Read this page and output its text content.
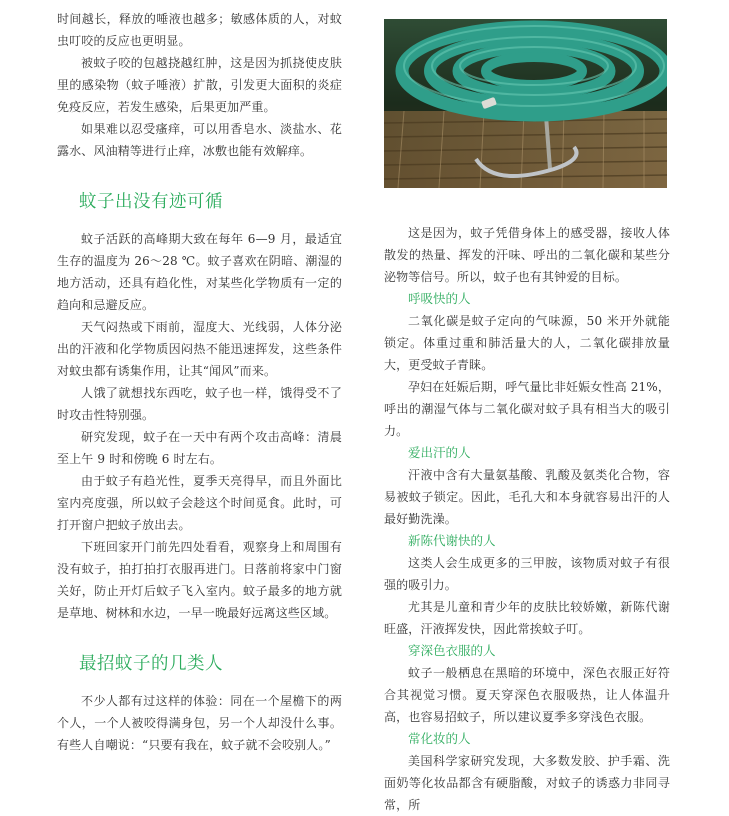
时间越长，释放的唾液也越多；敏感体质的人，对蚊虫叮咬的反应也更明显。

被蚊子咬的包越挠越红肿，这是因为抓挠使皮肤里的感染物（蚊子唾液）扩散，引发更大面积的炎症免疫反应，若发生感染，后果更加严重。

如果难以忍受瘙痒，可以用香皂水、淡盐水、花露水、风油精等进行止痒，冰敷也能有效解痒。

蚊子出没有迹可循

蚊子活跃的高峰期大致在每年 6—9 月，最适宜生存的温度为 26～28 ℃。蚊子喜欢在阴暗、潮湿的地方活动，还具有趋化性，对某些化学物质有一定的趋向和忌避反应。

天气闷热或下雨前，湿度大、光线弱，人体分泌出的汗液和化学物质因闷热不能迅速挥发，这些条件对蚊虫都有诱集作用，让其“闻风”而来。

人饿了就想找东西吃，蚊子也一样，饿得受不了时攻击性特别强。

研究发现，蚊子在一天中有两个攻击高峰：清晨至上午 9 时和傍晚 6 时左右。

由于蚊子有趋光性，夏季天亮得早，而且外面比室内亮度强，所以蚊子会趁这个时间觅食。此时，可打开窗户把蚊子放出去。

下班回家开门前先四处看看，观察身上和周围有没有蚊子，拍打拍打衣服再进门。日落前将家中门窗关好，防止开灯后蚊子飞入室内。蚊子最多的地方就是草地、树林和水边，一早一晚最好远离这些区域。

最招蚊子的几类人

不少人都有过这样的体验：同在一个屋檐下的两个人，一个人被咬得满身包，另一个人却没什么事。有些人自嘲说：“只要有我在，蚊子就不会咬别人。”

这是因为，蚊子凭借身体上的感受器，接收人体散发的热量、挥发的汗味、呼出的二氧化碳和某些分泌物等信号。所以，蚊子也有其钟爱的目标。

呼吸快的人

二氧化碳是蚊子定向的气味源，50 米开外就能锁定。体重过重和肺活量大的人，二氧化碳排放量大，更受蚊子青睐。

孕妇在妊娠后期，呼气量比非妊娠女性高 21%，呼出的潮湿气体与二氧化碳对蚊子具有相当大的吸引力。

爱出汗的人

汗液中含有大量氨基酸、乳酸及氨类化合物，容易被蚊子锁定。因此，毛孔大和本身就容易出汗的人最好勤洗澡。

新陈代谢快的人

这类人会生成更多的三甲胺，该物质对蚊子有很强的吸引力。

尤其是儿童和青少年的皮肤比较娇嫩，新陈代谢旺盛，汗液挥发快，因此常挨蚊子叮。

穿深色衣服的人

蚊子一般栖息在黑暗的环境中，深色衣服正好符合其视觉习惯。夏天穿深色衣服吸热，让人体温升高，也容易招蚊子，所以建议夏季多穿浅色衣服。

常化妆的人

美国科学家研究发现，大多数发胶、护手霜、洗面奶等化妆品都含有硬脂酸，对蚊子的诱惑力非同寻常，所
